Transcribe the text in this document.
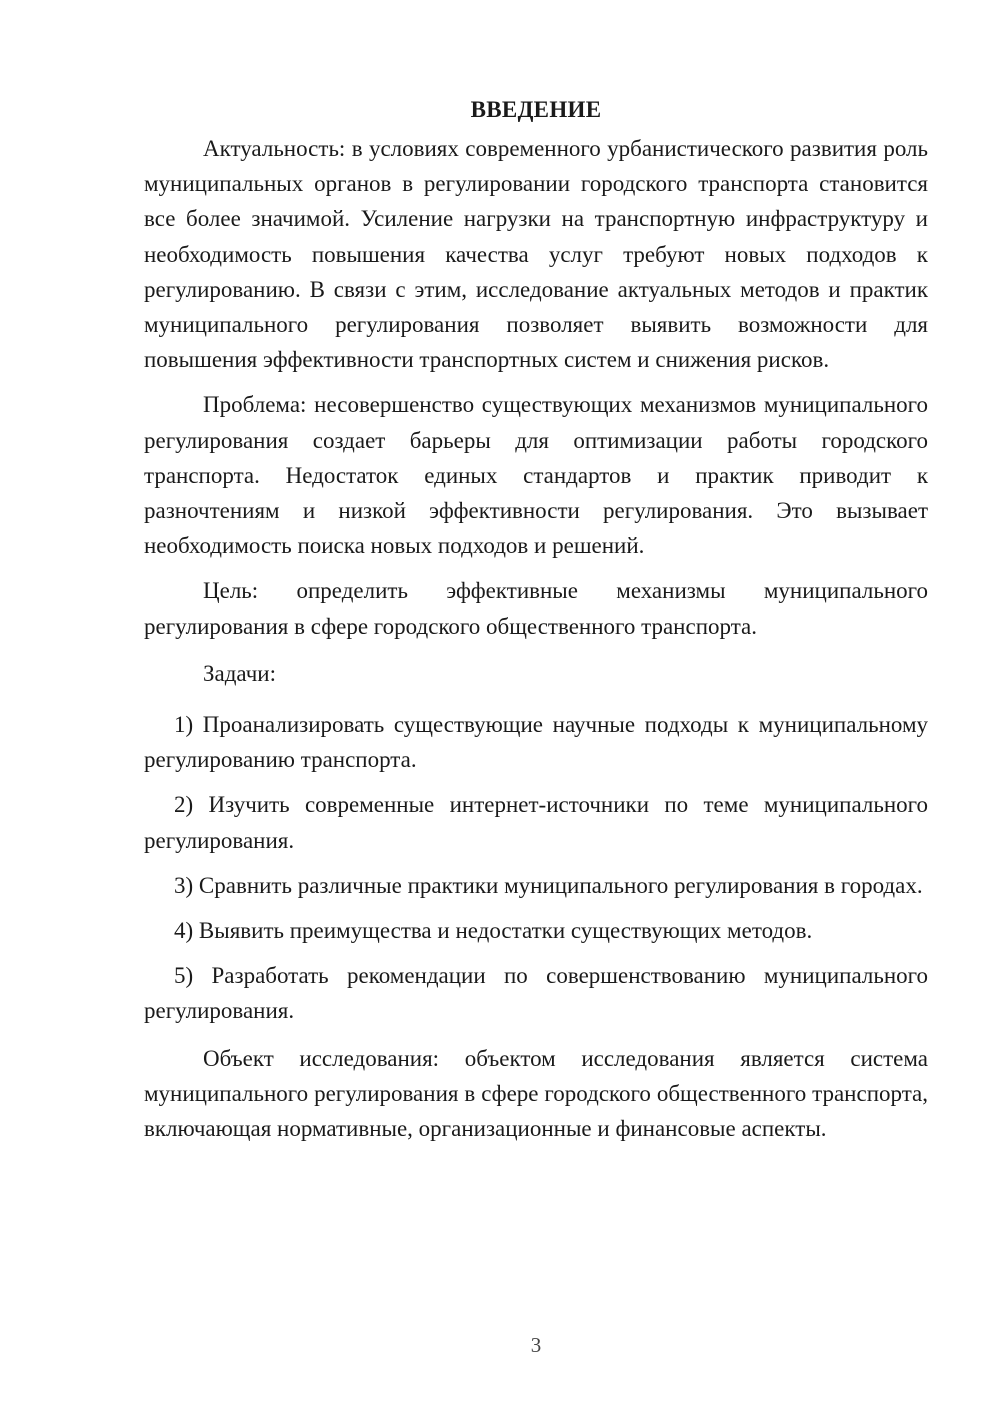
ВВЕДЕНИЕ

Актуальность: в условиях современного урбанистического развития роль муниципальных органов в регулировании городского транспорта становится все более значимой. Усиление нагрузки на транспортную инфраструктуру и необходимость повышения качества услуг требуют новых подходов к регулированию. В связи с этим, исследование актуальных методов и практик муниципального регулирования позволяет выявить возможности для повышения эффективности транспортных систем и снижения рисков.

Проблема: несовершенство существующих механизмов муниципального регулирования создает барьеры для оптимизации работы городского транспорта. Недостаток единых стандартов и практик приводит к разночтениям и низкой эффективности регулирования. Это вызывает необходимость поиска новых подходов и решений.

Цель: определить эффективные механизмы муниципального регулирования в сфере городского общественного транспорта.

Задачи:

1) Проанализировать существующие научные подходы к муниципальному регулированию транспорта.

2) Изучить современные интернет-источники по теме муниципального регулирования.

3) Сравнить различные практики муниципального регулирования в городах.

4) Выявить преимущества и недостатки существующих методов.

5) Разработать рекомендации по совершенствованию муниципального регулирования.

Объект исследования: объектом исследования является система муниципального регулирования в сфере городского общественного транспорта, включающая нормативные, организационные и финансовые аспекты.

3
